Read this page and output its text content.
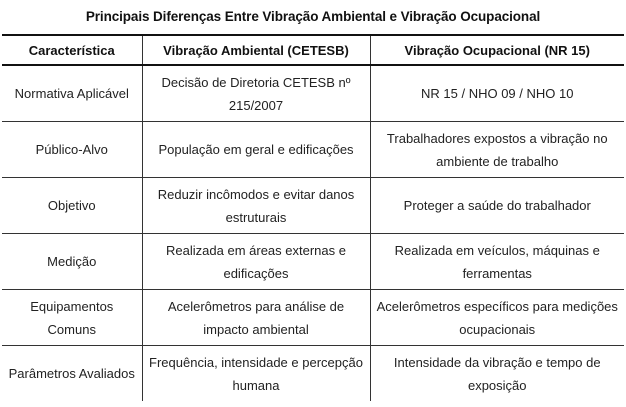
Principais Diferenças Entre Vibração Ambiental e Vibração Ocupacional
Característica	Vibração Ambiental (CETESB)	Vibração Ocupacional (NR 15)
Normativa Aplicável	Decisão de Diretoria CETESB nº 215/2007	NR 15 / NHO 09 / NHO 10
Público-Alvo	População em geral e edificações	Trabalhadores expostos a vibração no ambiente de trabalho
Objetivo	Reduzir incômodos e evitar danos estruturais	Proteger a saúde do trabalhador
Medição	Realizada em áreas externas e edificações	Realizada em veículos, máquinas e ferramentas
Equipamentos Comuns	Acelerômetros para análise de impacto ambiental	Acelerômetros específicos para medições ocupacionais
Parâmetros Avaliados	Frequência, intensidade e percepção humana	Intensidade da vibração e tempo de exposição
